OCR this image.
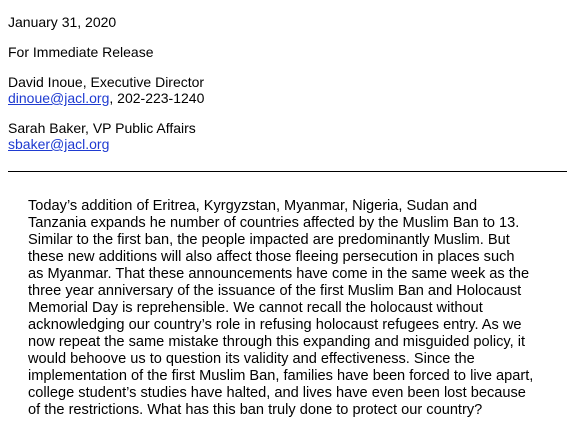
January 31, 2020
For Immediate Release
David Inoue, Executive Director
dinoue@jacl.org, 202-223-1240
Sarah Baker, VP Public Affairs
sbaker@jacl.org
Today’s addition of Eritrea, Kyrgyzstan, Myanmar, Nigeria, Sudan and
Tanzania expands he number of countries affected by the Muslim Ban to 13.
Similar to the first ban, the people impacted are predominantly Muslim. But
these new additions will also affect those fleeing persecution in places such
as Myanmar. That these announcements have come in the same week as the
three year anniversary of the issuance of the first Muslim Ban and Holocaust
Memorial Day is reprehensible. We cannot recall the holocaust without
acknowledging our country’s role in refusing holocaust refugees entry. As we
now repeat the same mistake through this expanding and misguided policy, it
would behoove us to question its validity and effectiveness. Since the
implementation of the first Muslim Ban, families have been forced to live apart,
college student’s studies have halted, and lives have even been lost because
of the restrictions. What has this ban truly done to protect our country?
